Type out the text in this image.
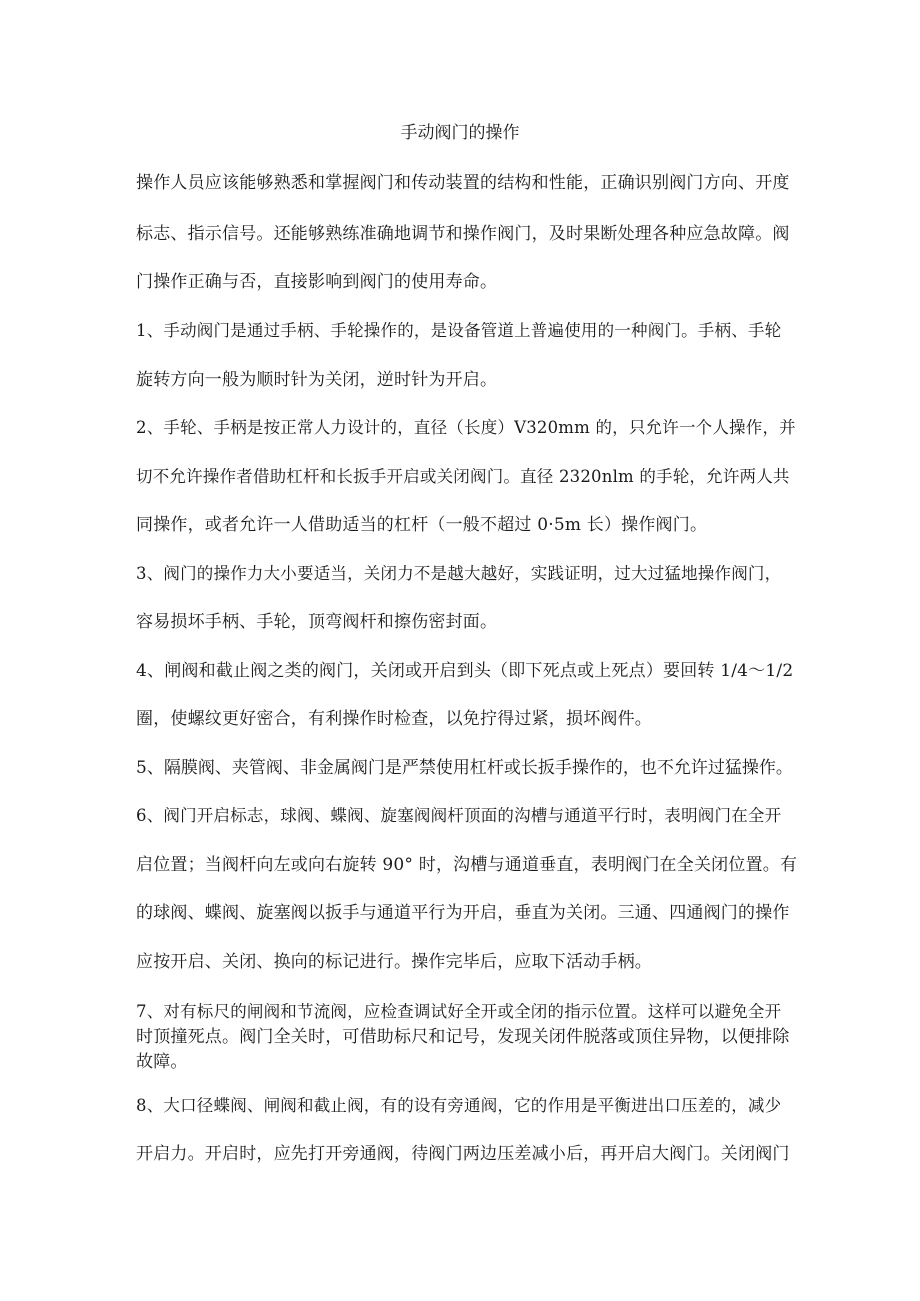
手动阀门的操作
操作人员应该能够熟悉和掌握阀门和传动装置的结构和性能，正确识别阀门方向、开度
标志、指示信号。还能够熟练准确地调节和操作阀门，及时果断处理各种应急故障。阀
门操作正确与否，直接影响到阀门的使用寿命。
1、手动阀门是通过手柄、手轮操作的，是设备管道上普遍使用的一种阀门。手柄、手轮
旋转方向一般为顺时针为关闭，逆时针为开启。
2、手轮、手柄是按正常人力设计的，直径（长度）V320mm 的，只允许一个人操作，并
切不允许操作者借助杠杆和长扳手开启或关闭阀门。直径 2320nlm 的手轮，允许两人共
同操作，或者允许一人借助适当的杠杆（一般不超过 0·5m 长）操作阀门。
3、阀门的操作力大小要适当，关闭力不是越大越好，实践证明，过大过猛地操作阀门，
容易损坏手柄、手轮，顶弯阀杆和擦伤密封面。
4、闸阀和截止阀之类的阀门，关闭或开启到头（即下死点或上死点）要回转 1/4～1/2
圈，使螺纹更好密合，有利操作时检查，以免拧得过紧，损坏阀件。
5、隔膜阀、夹管阀、非金属阀门是严禁使用杠杆或长扳手操作的，也不允许过猛操作。
6、阀门开启标志，球阀、蝶阀、旋塞阀阀杆顶面的沟槽与通道平行时，表明阀门在全开
启位置；当阀杆向左或向右旋转 90° 时，沟槽与通道垂直，表明阀门在全关闭位置。有
的球阀、蝶阀、旋塞阀以扳手与通道平行为开启，垂直为关闭。三通、四通阀门的操作
应按开启、关闭、换向的标记进行。操作完毕后，应取下活动手柄。
7、对有标尺的闸阀和节流阀，应检查调试好全开或全闭的指示位置。这样可以避免全开
时顶撞死点。阀门全关时，可借助标尺和记号，发现关闭件脱落或顶住异物，以便排除
故障。
8、大口径蝶阀、闸阀和截止阀，有的设有旁通阀，它的作用是平衡进出口压差的，减少
开启力。开启时，应先打开旁通阀，待阀门两边压差减小后，再开启大阀门。关闭阀门
